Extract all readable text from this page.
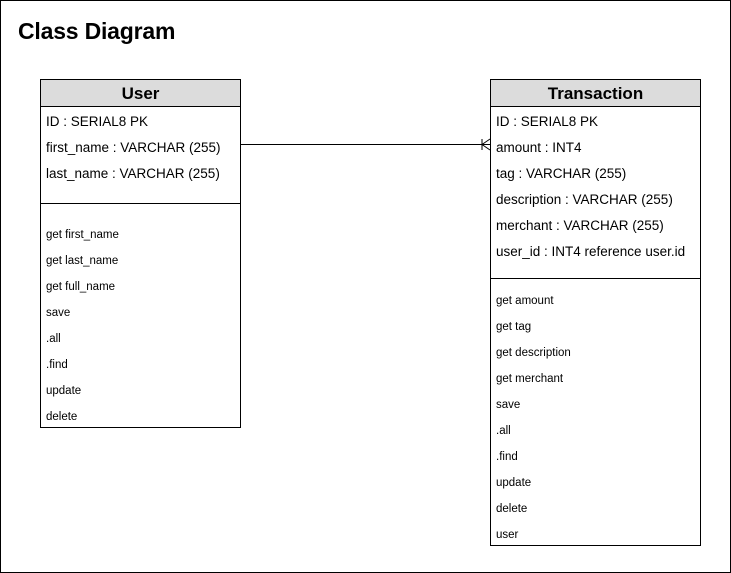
Class Diagram
User
ID : SERIAL8 PK
first_name : VARCHAR (255)
last_name : VARCHAR (255)
get first_name
get last_name
get full_name
save
.all
.find
update
delete
Transaction
ID : SERIAL8 PK
amount : INT4
tag : VARCHAR (255)
description : VARCHAR (255)
merchant : VARCHAR (255)
user_id : INT4 reference user.id
get amount
get tag
get description
get merchant
save
.all
.find
update
delete
user
